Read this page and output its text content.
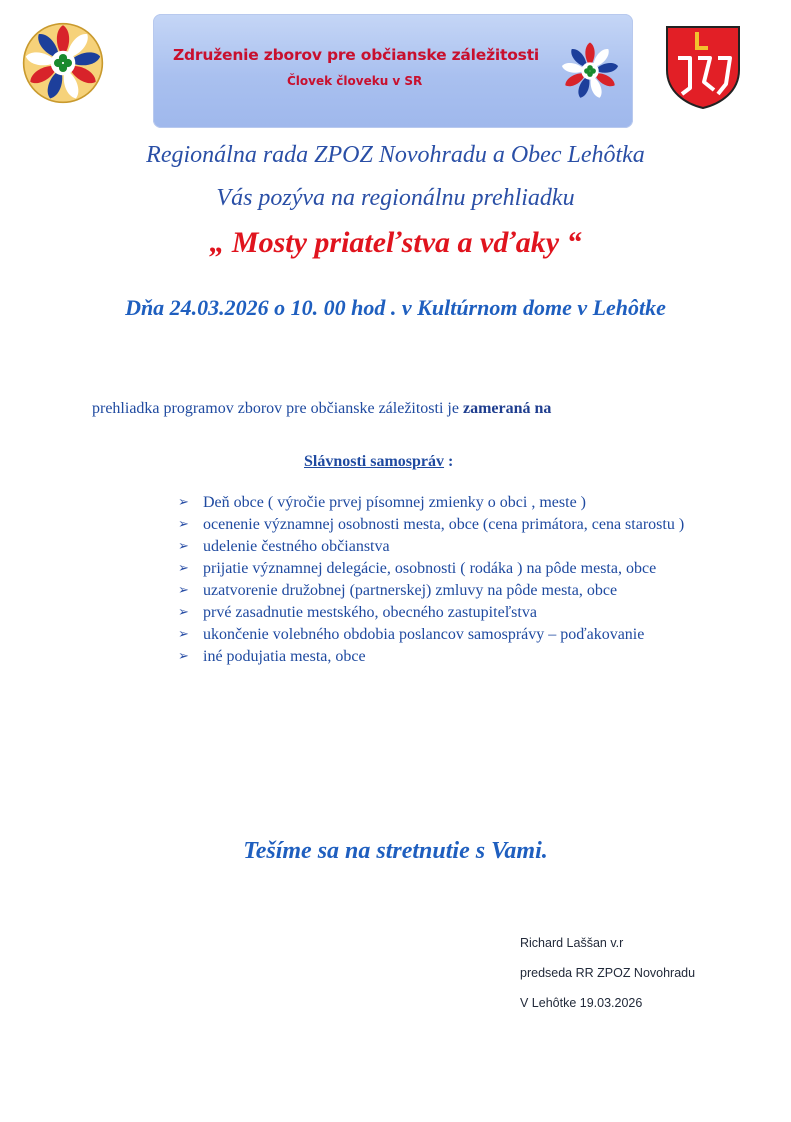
Združenie zborov pre občianske záležitosti
Človek človeku v SR
Regionálna rada ZPOZ Novohradu a Obec Lehôtka
Vás pozýva na regionálnu prehliadku
„ Mosty priateľstva a vďaky “
Dňa 24.03.2026 o 10. 00 hod . v Kultúrnom dome v Lehôtke
prehliadka programov zborov pre občianske záležitosti je zameraná na
Slávnosti samospráv :
➢ Deň obce ( výročie prvej písomnej zmienky o obci , meste )
➢ ocenenie významnej osobnosti mesta, obce (cena primátora, cena starostu )
➢ udelenie čestného občianstva
➢ prijatie významnej delegácie, osobnosti ( rodáka ) na pôde mesta, obce
➢ uzatvorenie družobnej (partnerskej) zmluvy na pôde mesta, obce
➢ prvé zasadnutie mestského, obecného zastupiteľstva
➢ ukončenie volebného obdobia poslancov samosprávy – poďakovanie
➢ iné podujatia mesta, obce
Tešíme sa na stretnutie s Vami.
Richard Laššan v.r
predseda RR ZPOZ Novohradu
V Lehôtke 19.03.2026
